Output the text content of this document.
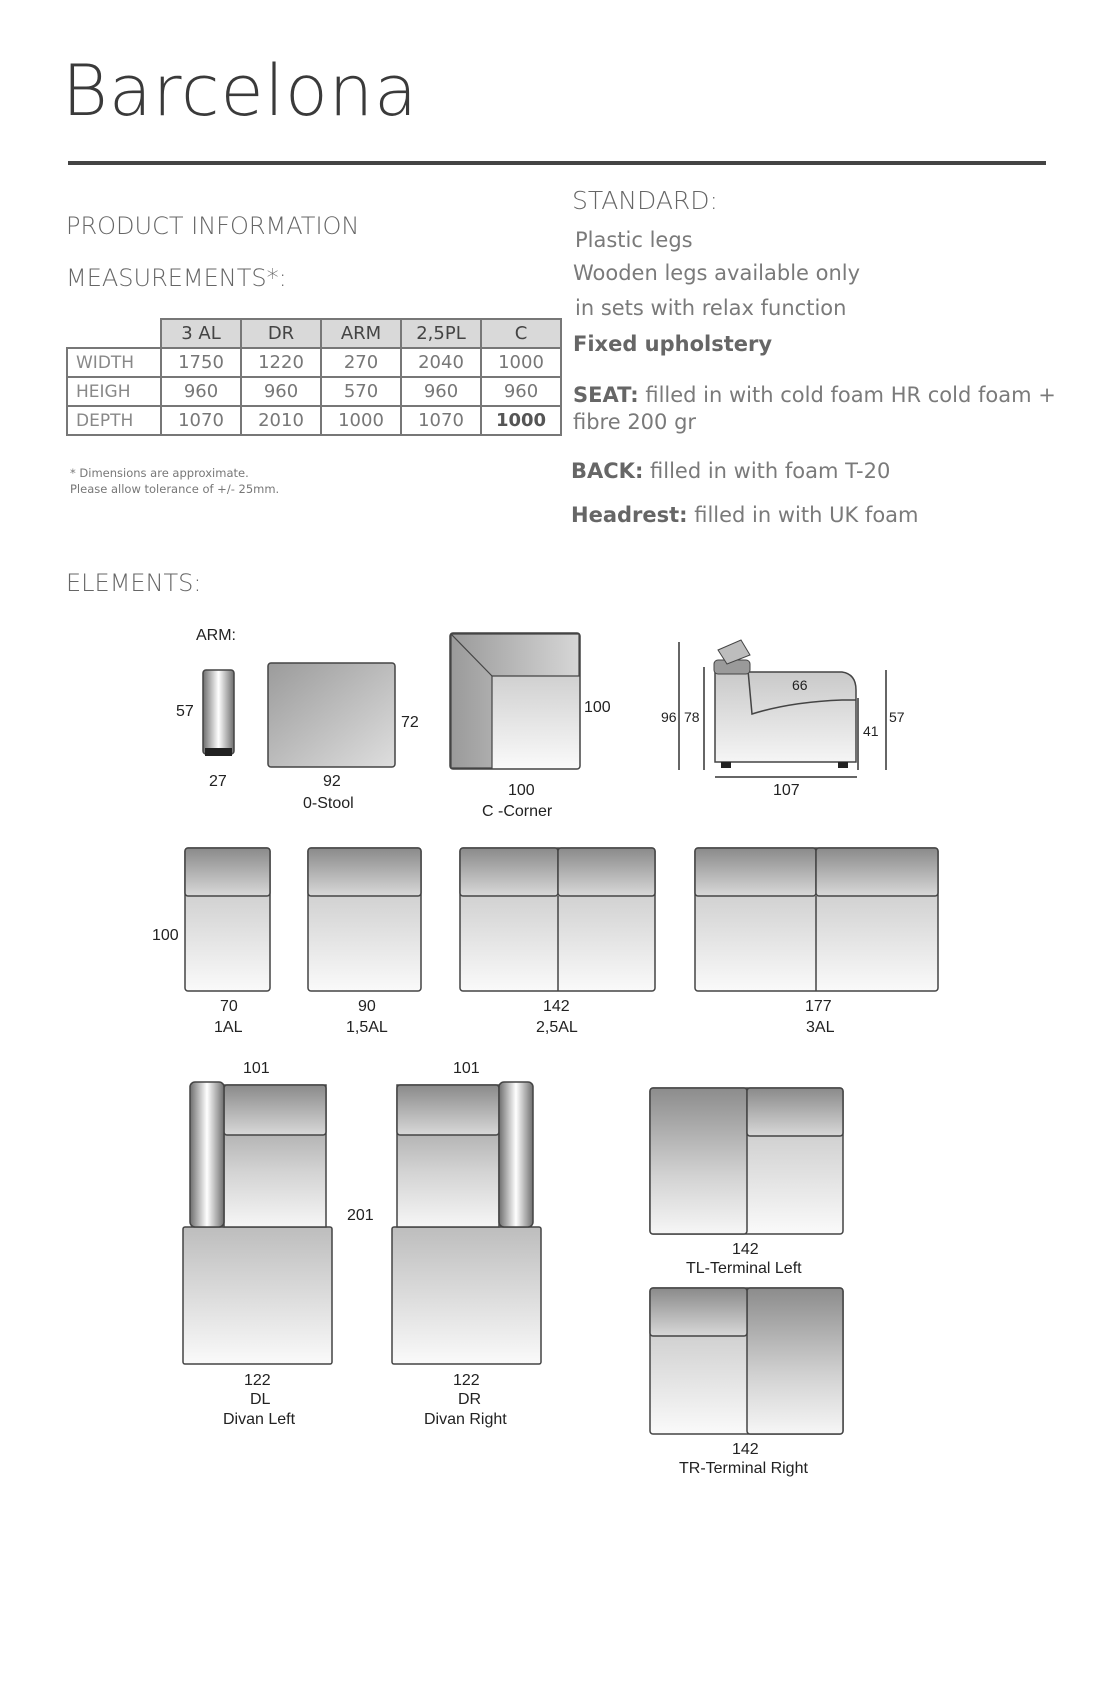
Barcelona
PRODUCT INFORMATION
MEASUREMENTS*:
	3 AL	DR	ARM	2,5PL	C
WIDTH	1750	1220	270	2040	1000
HEIGH	960	960	570	960	960
DEPTH	1070	2010	1000	1070	1000
* Dimensions are approximate.
Please allow tolerance of +/- 25mm.
STANDARD:
Plastic legs
Wooden legs available only
in sets with relax function
Fixed upholstery
SEAT: filled in with cold foam HR cold foam +
fibre 200 gr
BACK: filled in with foam T-20
Headrest: filled in with UK foam
ELEMENTS:
ARM:
57
27
72
92
0-Stool
100
100
C -Corner
96 78
66
41
57
107
100
70
1AL
90
1,5AL
142
2,5AL
177
3AL
101
122
DL
Divan Left
201
101
122
DR
Divan Right
142
TL-Terminal Left
142
TR-Terminal Right
